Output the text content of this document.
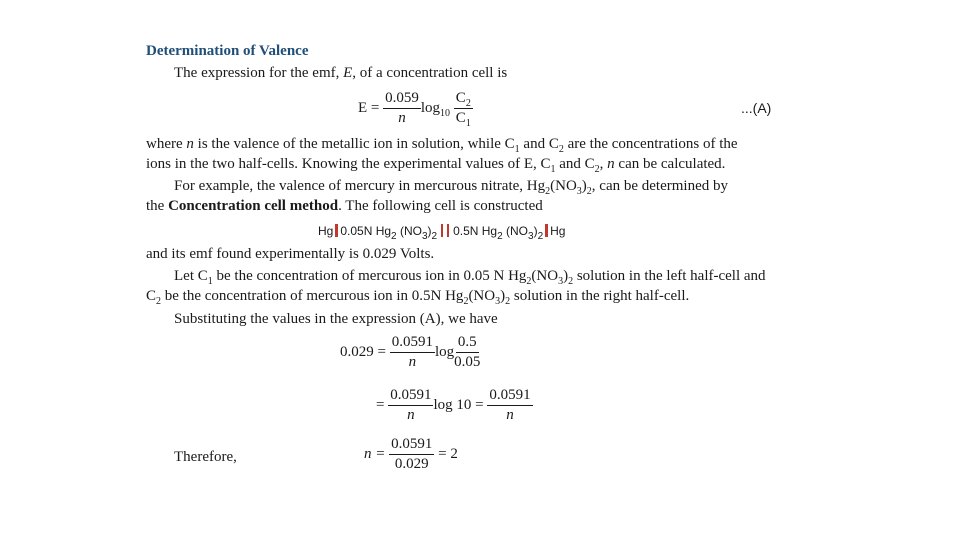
Determination of Valence
The expression for the emf, E, of a concentration cell is
$E = \frac{0.059}{n} \log_{10} \frac{C_2}{C_1}$	...(A)
where n is the valence of the metallic ion in solution, while $C_1$ and $C_2$ are the concentrations of the
ions in the two half-cells. Knowing the experimental values of E, $C_1$ and $C_2$, n can be calculated.
For example, the valence of mercury in mercurous nitrate, $Hg_2(NO_3)_2$, can be determined by
the Concentration cell method. The following cell is constructed
Hg 0.05N $Hg_2$ $(NO_3)_2$ 0.5N $Hg_2$ $(NO_3)_2$ Hg
and its emf found experimentally is 0.029 Volts.
Let $C_1$ be the concentration of mercurous ion in 0.05 N $Hg_2(NO_3)_2$ solution in the left half-cell and
$C_2$ be the concentration of mercurous ion in 0.5N $Hg_2(NO_3)_2$ solution in the right half-cell.
Substituting the values in the expression (A), we have
$0.029 = \frac{0.0591}{n}$ $\log \frac{0.5}{0.05}$
= $\frac{0.0591}{n}$ $\log 10 = \frac{0.0591}{n}$
Therefore,	$n = \frac{0.0591}{0.029} = 2$
